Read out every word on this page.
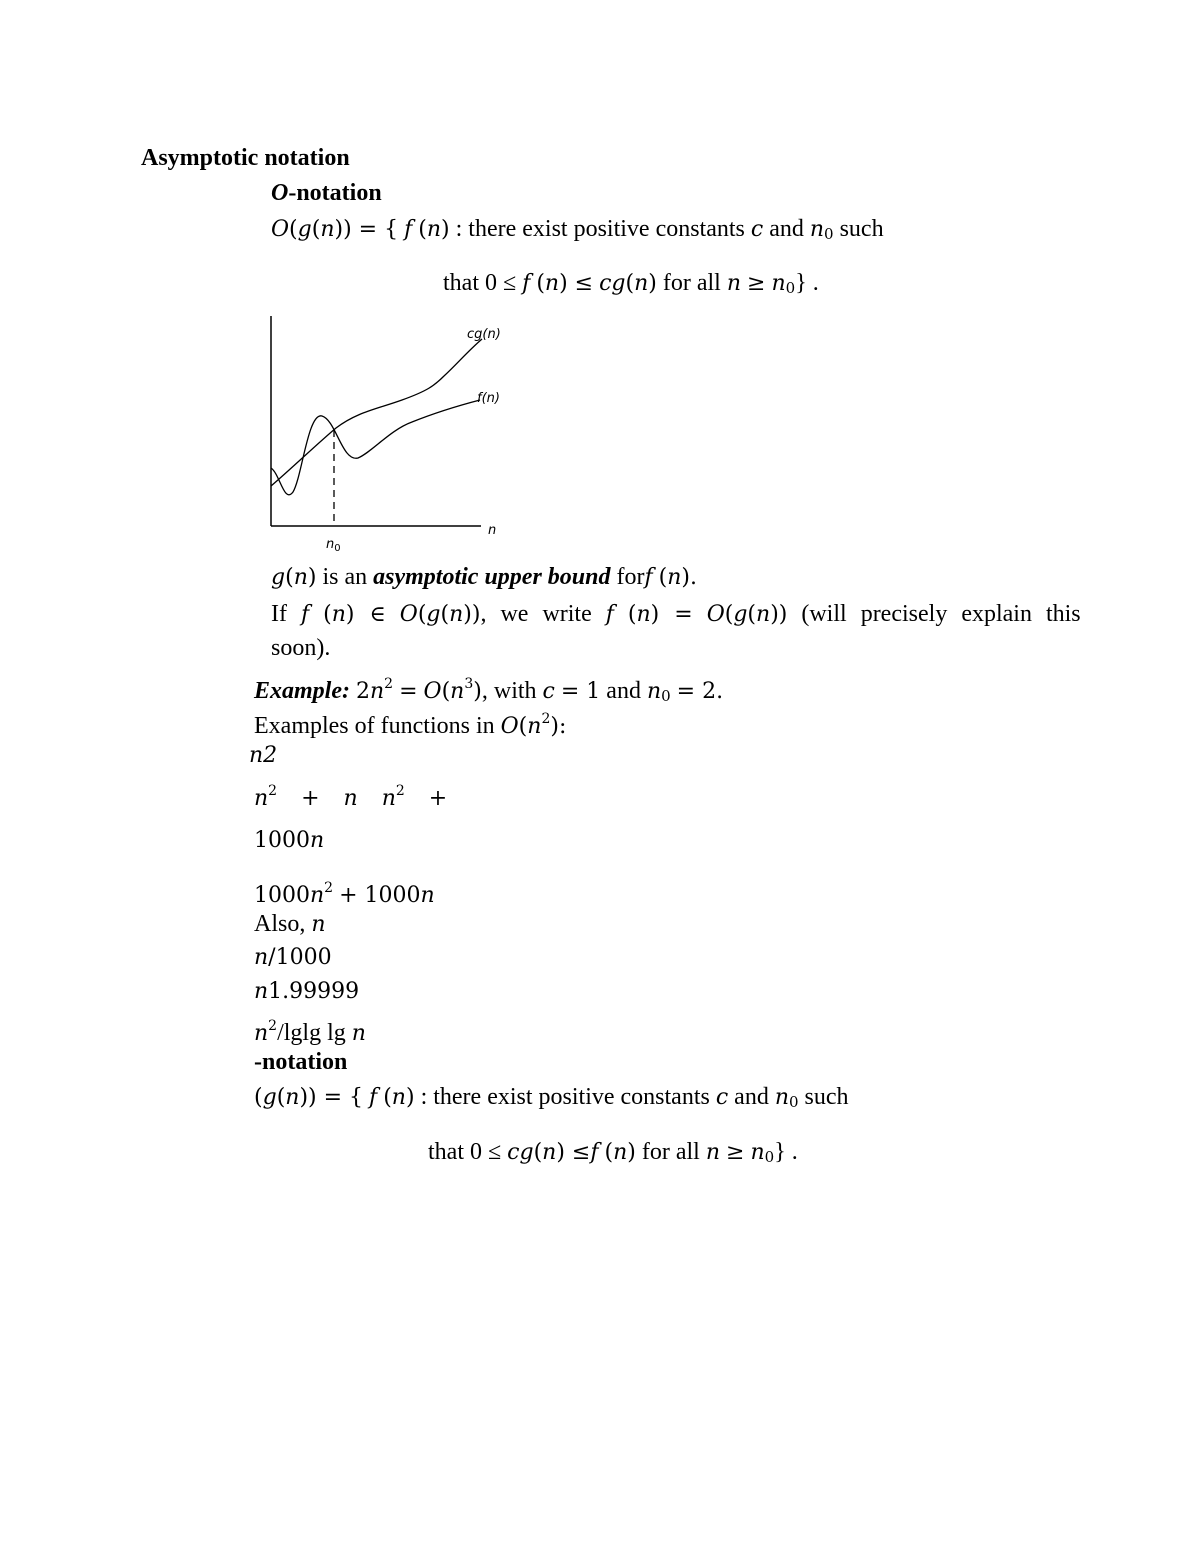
Asymptotic notation
O-notation
O(g(n)) = { f (n) : there exist positive constants c and $n_0$ such
that 0 ≤ f (n) ≤ cg(n) for all $n \ge n_0$} .
cg(n)
f(n)
n
$n_0$
g(n) is an asymptotic upper bound forf (n).
If f (n) ∈ O(g(n)), we write f (n) = O(g(n)) (will precisely explain this
soon).
Example: $2n^2 = O(n^3)$, with c = 1 and $n_0 = 2$.
Examples of functions in $O(n^2)$:
n2
$n^2 + n$ $n^2$ +
1000n
$1000n^2 + 1000n$
Also, n
n/1000
n1.99999
$n^2$/lglg lg n
-notation
(g(n)) = { f (n) : there exist positive constants c and $n_0$ such
that 0 ≤ cg(n) ≤f (n) for all $n \ge n_0$} .
